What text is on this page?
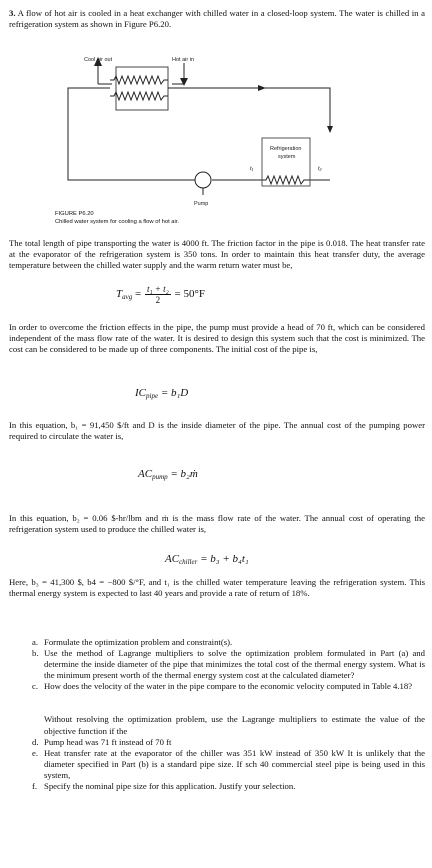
3. A flow of hot air is cooled in a heat exchanger with chilled water in a closed-loop system. The water is chilled in a refrigeration system as shown in Figure P6.20.
Cool air out	Hot air in
Refrigeration
system
t₁	t₂
Pump
FIGURE P6.20
Chilled water system for cooling a flow of hot air.
The total length of pipe transporting the water is 4000 ft. The friction factor in the pipe is 0.018. The heat transfer rate at the evaporator of the refrigeration system is 350 tons. In order to maintain this heat transfer duty, the average temperature between the chilled water supply and the warm return water must be,
$T_{avg} = \frac{\text{t₁ + t₂}}{2} = 50^\circ F$
In order to overcome the friction effects in the pipe, the pump must provide a head of 70 ft, which can be considered independent of the mass flow rate of the water. It is desired to design this system such that the cost is minimized. The cost can be considered to be made up of three components. The initial cost of the pipe is,
$IC_{pipe} = b_1D$
In this equation, b₁ = 91,450 $/ft and D is the inside diameter of the pipe. The annual cost of the pumping power required to circulate the water is,
$AC_{pump}$ = b₂ṁ
In this equation, b₂ = 0.06 $-hr/lbm and ṁ is the mass flow rate of the water. The annual cost of operating the refrigeration system used to produce the chilled water is,
$AC_{chiller} = b_3 + b_4t_1$
Here, b₃ = 41,300 $, b4 = −800 $/°F, and t₁ is the chilled water temperature leaving the refrigeration system. This thermal energy system is expected to last 40 years and provide a rate of return of 18%.
a. Formulate the optimization problem and constraint(s).
b. Use the method of Lagrange multipliers to solve the optimization problem formulated in Part (a) and determine the inside diameter of the pipe that minimizes the total cost of the thermal energy system. What is the minimum present worth of the thermal energy system cost at the calculated diameter?
c. How does the velocity of the water in the pipe compare to the economic velocity computed in Table 4.18?
Without resolving the optimization problem, use the Lagrange multipliers to estimate the value of the objective function if the
d. Pump head was 71 ft instead of 70 ft
e. Heat transfer rate at the evaporator of the chiller was 351 kW instead of 350 kW It is unlikely that the diameter specified in Part (b) is a standard pipe size. If sch 40 commercial steel pipe is being used in this system,
f. Specify the nominal pipe size for this application. Justify your selection.
